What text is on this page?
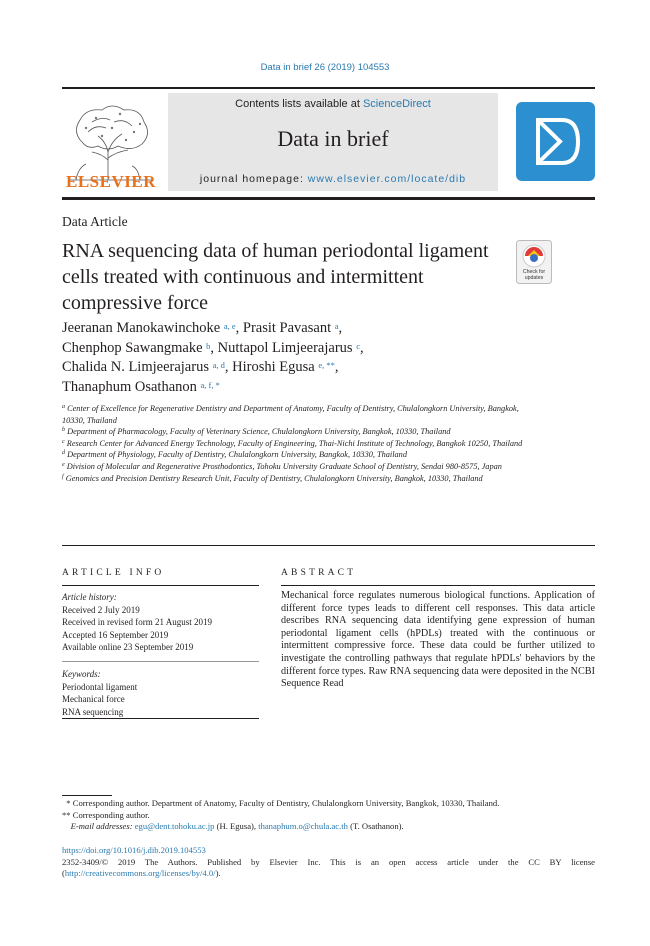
Data in brief 26 (2019) 104553
ELSEVIER
Contents lists available at ScienceDirect
Data in brief
journal homepage: www.elsevier.com/locate/dib
Data Article
RNA sequencing data of human periodontal ligament cells treated with continuous and intermittent compressive force
Check for
updates
Jeeranan Manokawinchoke $^{a, e}$, Prasit Pavasant $^a$,
Chenphop Sawangmake $^b$, Nuttapol Limjeerajarus $^c$,
Chalida N. Limjeerajarus $^{a, d}$, Hiroshi Egusa $^{e, **}$,
Thanaphum Osathanon $^{a, f, *}$
$^a$ Center of Excellence for Regenerative Dentistry and Department of Anatomy, Faculty of Dentistry, Chulalongkorn University, Bangkok, 10330, Thailand
$^b$ Department of Pharmacology, Faculty of Veterinary Science, Chulalongkorn University, Bangkok, 10330, Thailand
$^c$ Research Center for Advanced Energy Technology, Faculty of Engineering, Thai-Nichi Institute of Technology, Bangkok 10250, Thailand
$^d$ Department of Physiology, Faculty of Dentistry, Chulalongkorn University, Bangkok, 10330, Thailand
$^e$ Division of Molecular and Regenerative Prosthodontics, Tohoku University Graduate School of Dentistry, Sendai 980-8575, Japan
$^f$ Genomics and Precision Dentistry Research Unit, Faculty of Dentistry, Chulalongkorn University, Bangkok, 10330, Thailand
ARTICLE INFO	ABSTRACT
Article history:
Received 2 July 2019
Received in revised form 21 August 2019
Accepted 16 September 2019
Available online 23 September 2019
Keywords:
Periodontal ligament
Mechanical force
RNA sequencing
Mechanical force regulates numerous biological functions. Application of different force types leads to different cell responses. This data article describes RNA sequencing data identifying gene expression of human periodontal ligament cells (hPDLs) treated with the continuous or intermittent compressive force. These data could be further utilized to investigate the controlling pathways that regulate hPDLs' behaviors by the different force types. Raw RNA sequencing data were deposited in the NCBI Sequence Read
* Corresponding author. Department of Anatomy, Faculty of Dentistry, Chulalongkorn University, Bangkok, 10330, Thailand.
** Corresponding author.
E-mail addresses: egu@dent.tohoku.ac.jp (H. Egusa), thanaphum.o@chula.ac.th (T. Osathanon).
https://doi.org/10.1016/j.dib.2019.104553
2352-3409/© 2019 The Authors. Published by Elsevier Inc. This is an open access article under the CC BY license (http://creativecommons.org/licenses/by/4.0/).
